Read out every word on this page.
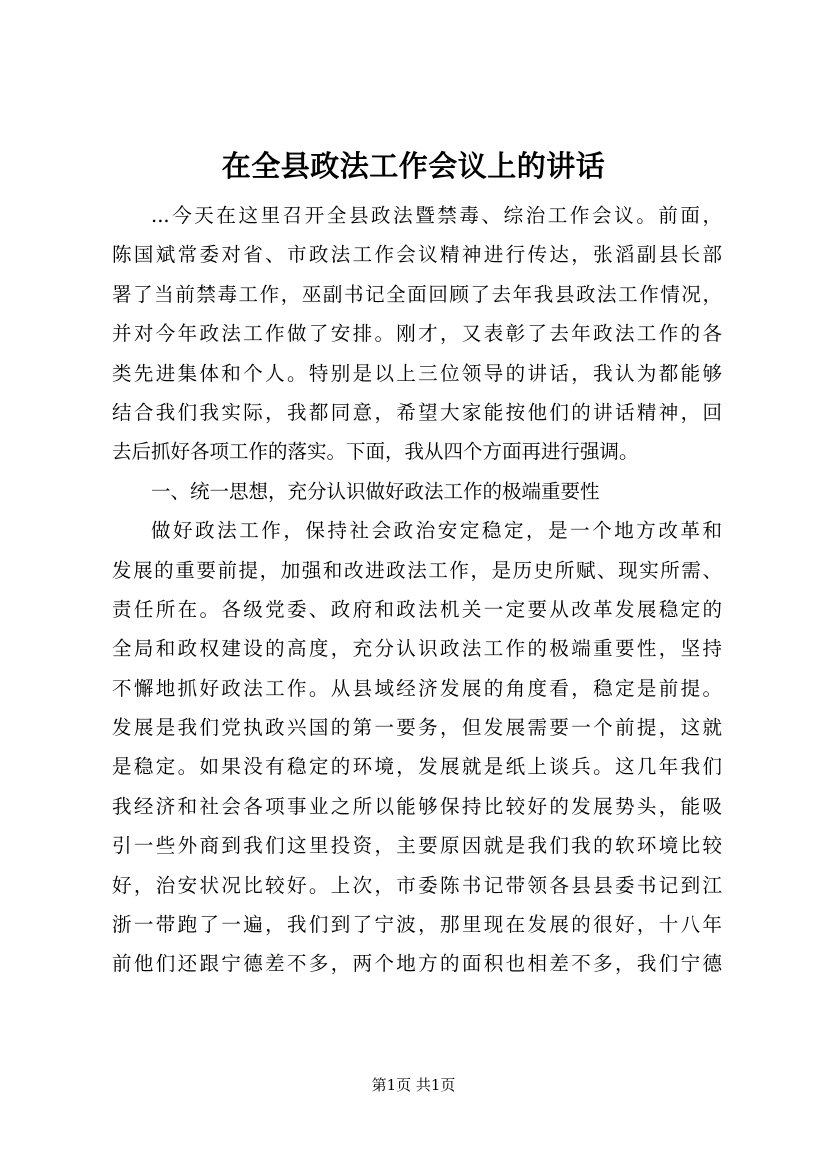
在全县政法工作会议上的讲话
...今天在这里召开全县政法暨禁毒、综治工作会议。前面，
陈国斌常委对省、市政法工作会议精神进行传达，张滔副县长部
署了当前禁毒工作，巫副书记全面回顾了去年我县政法工作情况，
并对今年政法工作做了安排。刚才，又表彰了去年政法工作的各
类先进集体和个人。特别是以上三位领导的讲话，我认为都能够
结合我们我实际，我都同意，希望大家能按他们的讲话精神，回
去后抓好各项工作的落实。下面，我从四个方面再进行强调。
一、统一思想，充分认识做好政法工作的极端重要性
做好政法工作，保持社会政治安定稳定，是一个地方改革和
发展的重要前提，加强和改进政法工作，是历史所赋、现实所需、
责任所在。各级党委、政府和政法机关一定要从改革发展稳定的
全局和政权建设的高度，充分认识政法工作的极端重要性，坚持
不懈地抓好政法工作。从县域经济发展的角度看，稳定是前提。
发展是我们党执政兴国的第一要务，但发展需要一个前提，这就
是稳定。如果没有稳定的环境，发展就是纸上谈兵。这几年我们
我经济和社会各项事业之所以能够保持比较好的发展势头，能吸
引一些外商到我们这里投资，主要原因就是我们我的软环境比较
好，治安状况比较好。上次，市委陈书记带领各县县委书记到江
浙一带跑了一遍，我们到了宁波，那里现在发展的很好，十八年
前他们还跟宁德差不多，两个地方的面积也相差不多，我们宁德
第1页 共1页
